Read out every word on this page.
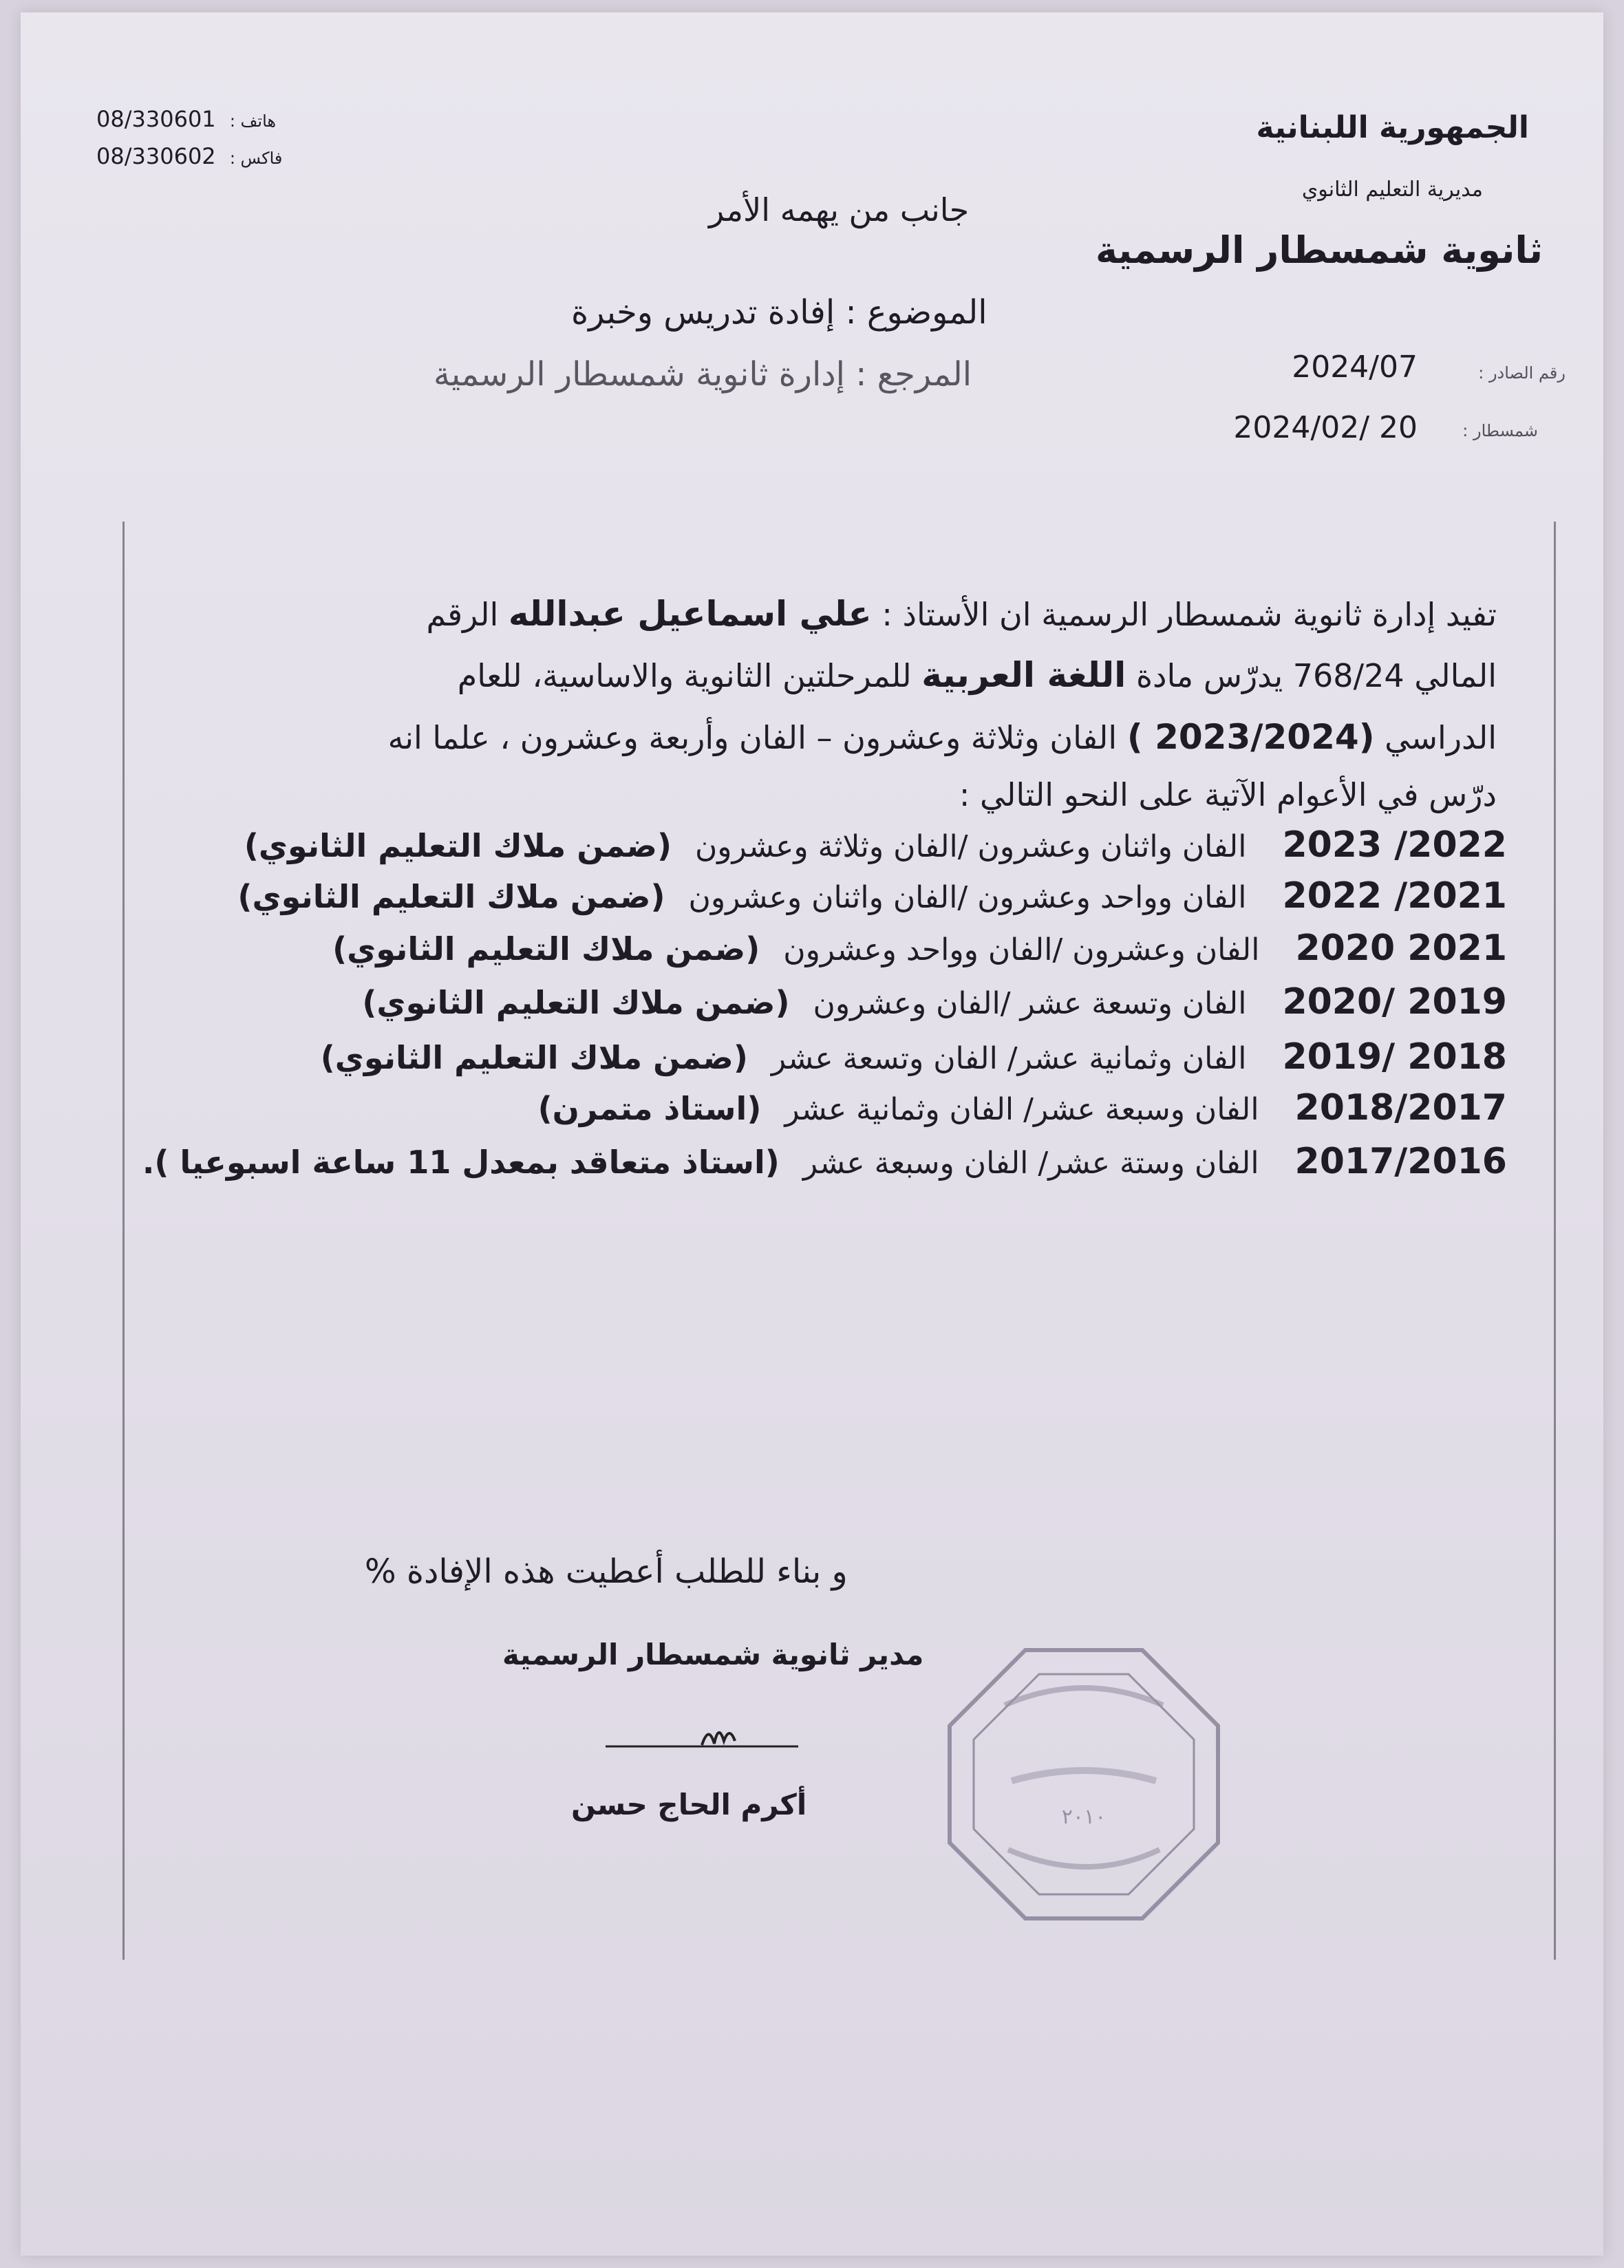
الجمهورية اللبنانية
مديرية التعليم الثانوي
ثانوية شمسطار الرسمية
رقم الصادر :
2024/07
شمسطار :
2024/02/ 20
هاتف : 08/330601
فاكس : 08/330602
جانب من يهمه الأمر
الموضوع : إفادة تدريس وخبرة
المرجع : إدارة ثانوية شمسطار الرسمية
تفيد إدارة ثانوية شمسطار الرسمية ان الأستاذ : علي اسماعيل عبدالله الرقم
المالي 768/24 يدرّس مادة اللغة العربية للمرحلتين الثانوية والاساسية، للعام
الدراسي (2023/2024 ) الفان وثلاثة وعشرون – الفان وأربعة وعشرون ، علما انه
درّس في الأعوام الآتية على النحو التالي :
2023 /2022 الفان واثنان وعشرون /الفان وثلاثة وعشرون (ضمن ملاك التعليم الثانوي)
2022 /2021 الفان وواحد وعشرون /الفان واثنان وعشرون (ضمن ملاك التعليم الثانوي)
2020 2021 الفان وعشرون /الفان وواحد وعشرون (ضمن ملاك التعليم الثانوي)
2020/ 2019 الفان وتسعة عشر /الفان وعشرون (ضمن ملاك التعليم الثانوي)
2019/ 2018 الفان وثمانية عشر/ الفان وتسعة عشر (ضمن ملاك التعليم الثانوي)
2018/2017 الفان وسبعة عشر/ الفان وثمانية عشر (استاذ متمرن)
2017/2016 الفان وستة عشر/ الفان وسبعة عشر (استاذ متعاقد بمعدل 11 ساعة اسبوعيا ).
و بناء للطلب أعطيت هذه الإفادة %
مدير ثانوية شمسطار الرسمية
أكرم الحاج حسن	٢٠١٠
